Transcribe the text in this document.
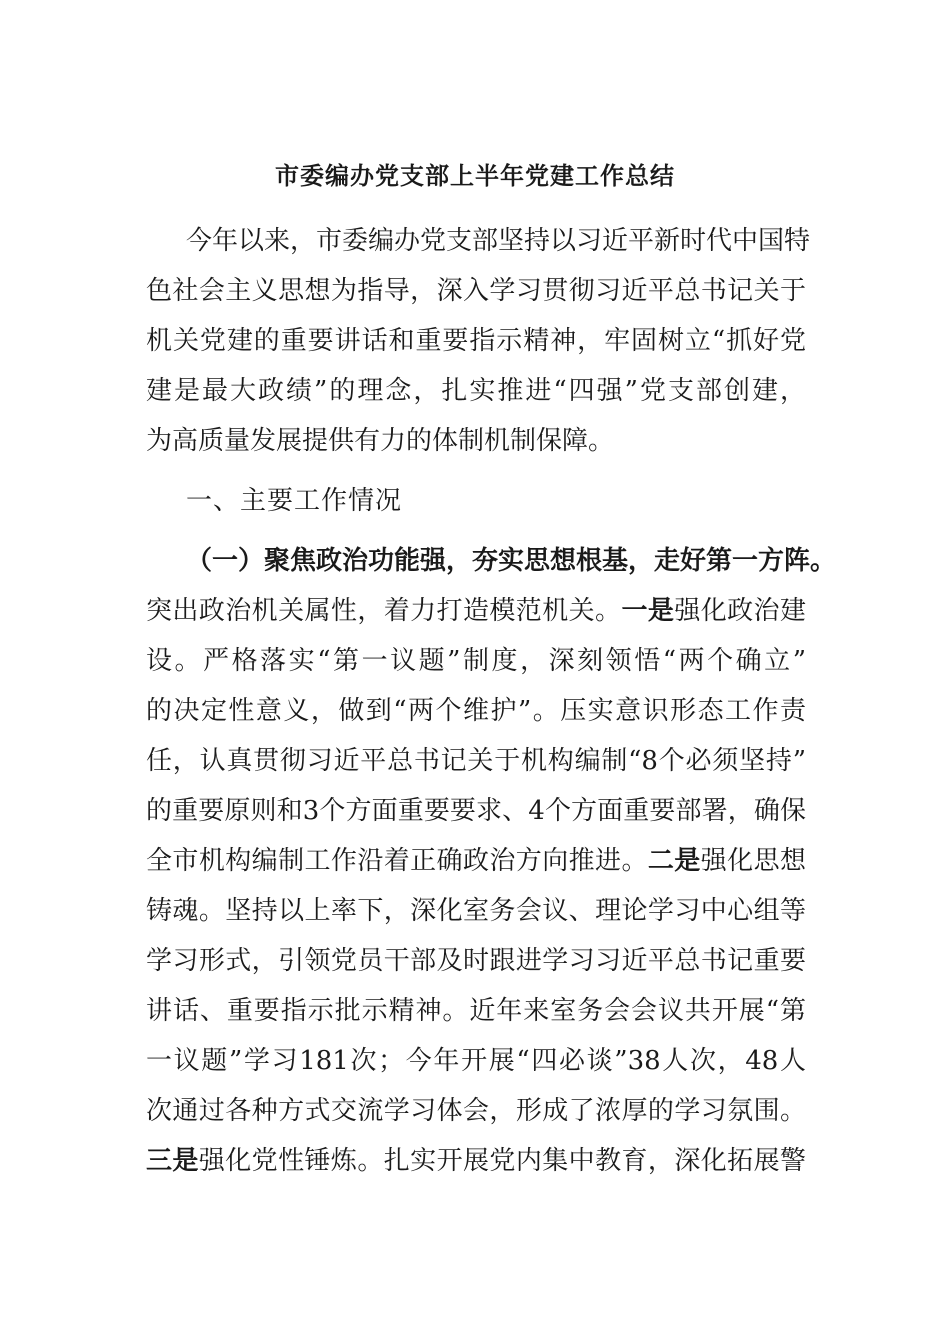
市委编办党支部上半年党建工作总结
今年以来，市委编办党支部坚持以习近平新时代中国特
色社会主义思想为指导，深入学习贯彻习近平总书记关于
机关党建的重要讲话和重要指示精神，牢固树立“抓好党
建是最大政绩”的理念，扎实推进“四强”党支部创建，
为高质量发展提供有力的体制机制保障。
一、主要工作情况
（一）聚焦政治功能强，夯实思想根基，走好第一方阵。
突出政治机关属性，着力打造模范机关。一是强化政治建
设。严格落实“第一议题”制度，深刻领悟“两个确立”
的决定性意义，做到“两个维护”。压实意识形态工作责
任，认真贯彻习近平总书记关于机构编制“8个必须坚持”
的重要原则和3个方面重要要求、4个方面重要部署，确保
全市机构编制工作沿着正确政治方向推进。二是强化思想
铸魂。坚持以上率下，深化室务会议、理论学习中心组等
学习形式，引领党员干部及时跟进学习习近平总书记重要
讲话、重要指示批示精神。近年来室务会会议共开展“第
一议题”学习181次；今年开展“四必谈”38人次，48人
次通过各种方式交流学习体会，形成了浓厚的学习氛围。
三是强化党性锤炼。扎实开展党内集中教育，深化拓展警
